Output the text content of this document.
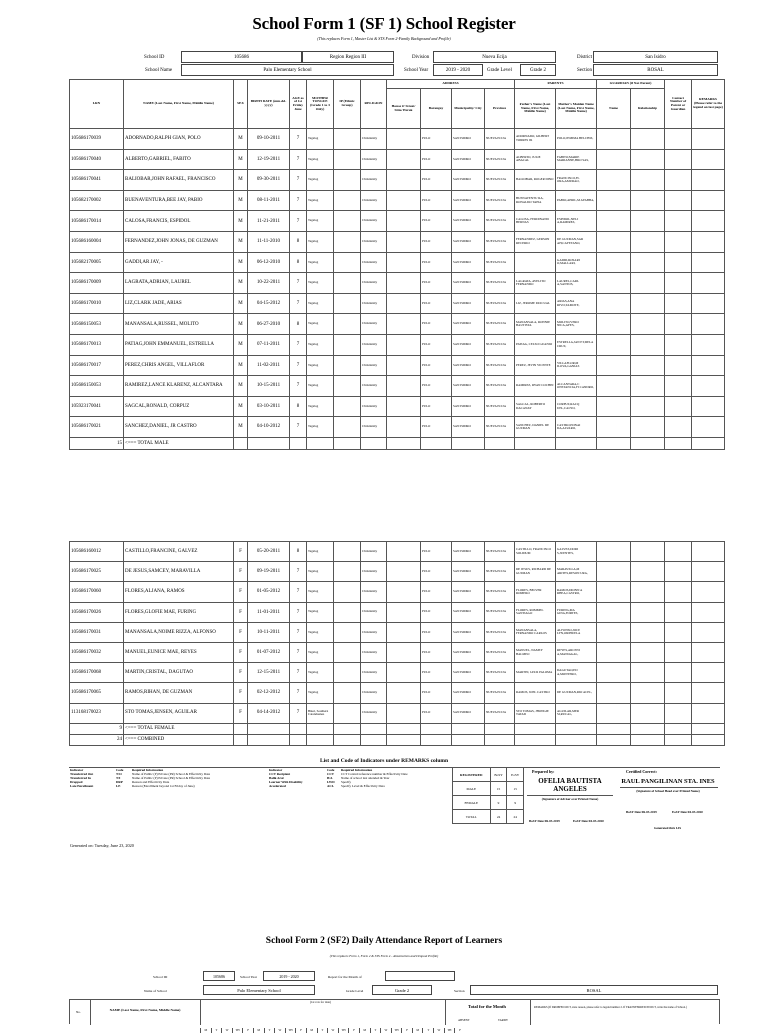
School Form 1 (SF 1) School Register
(This replaces Form 1, Master List & STS Form 2-Family Background and Profile)
School ID	105686	Region
Region III	Division	Nueva Ecija	District	San Isidro
School Name	Palo Elementary School	School Year	2019 - 2020	Grade Level	Grade 2	Section	ROSAL
LRN	NAME (Last Name, First Name, Middle Name)	SEX	BIRTH DATE (mm-dd-yyyy)	AGE as of 1st Friday June	MOTHER TONGUE (Grade 1 to 3 Only)	IP (Ethnic Group)	RELIGION	ADDRESS				PARENTS		GUARDIAN (if Not Parent)		Contact Number of Parent or Guardian	REMARKS
(Please refer to the legend on last page)
								House #/ Street/ Sitio/ Purok	Barangay	Municipality/ City	Province	Father's Name (Last Name, First Name, Middle Name)	Mother's Maiden Name (Last Name, First Name, Middle Name)	Name	Relationship		
105686170039	ADORNADO,RALPH GIAN, POLO	M	09-10-2011	7	Tagalog		Christianity		PULO	SAN ISIDRO	NUEVA ECIJA	ADORNADO, GILBERT TORRES JR	POLO,JEMIMA BELCHIZ,				
105686170040	ALBERTO,GABRIEL, FABITO	M	12-19-2011	7	Tagalog		Christianity		PULO	SAN ISIDRO	NUEVA ECIJA	ALBERTO, JULIE ABACAL	FABITO,MARIE MARIANNE,BRO SAS,				
105686170041	BALIOBAR,JOHN RAFAEL, FRANCISCO	M	09-30-2011	7	Tagalog		Christianity		PULO	SAN ISIDRO	NUEVA ECIJA	BALIOBAR, ROGER DINO	FRANCISCO,FL ORA,AMURAO,				
105682170002	BUENAVENTURA,BEE JAY, PABIO	M	08-11-2011	7	Tagalog		Christianity		PULO	SAN ISIDRO	NUEVA ECIJA	BUENAVENTU RA, RONALDO TAPIA	PABIO,APRIL,M AYABBA,				
105686170014	CALOSA,FRANCIS, ESPIDOL	M	11-21-2011	7	Tagalog		Christianity		PULO	SAN ISIDRO	NUEVA ECIJA	CALOSA, FERDINAND BERNAS	ESPIDOL,NELI A,RAMIREZ,				
105686160004	FERNANDEZ,JOHN JONAS, DE GUZMAN	M	11-11-2010	8	Tagalog		Christianity		PULO	SAN ISIDRO	NUEVA ECIJA	FERNANDEZ, GERSON RECERIO	DE GUZMAN,SAR AH,CAYETANO,				
105682170005	GADDI,AR JAY, -	M	06-12-2010	8	Tagalog		Christianity		PULO	SAN ISIDRO	NUEVA ECIJA		GADDI,ROSARI O,MALLARI,				
105686170009	LAGRATA,ADRIAN, LAUREL	M	10-22-2011	7	Tagalog		Christianity		PULO	SAN ISIDRO	NUEVA ECIJA	LAGRATA, AVELITO FERNANDO	LAUREL,CARL A,SANTOS,				
105686170010	LIZ,CLARK JADE, ARIAS	M	04-15-2012	7	Tagalog		Christianity		PULO	SAN ISIDRO	NUEVA ECIJA	LIZ, JEROME PASCUAL	ARIAS,ANA RIVO,TAMOTE,				
105686150053	MANANSALA,RUSSEL, MOLITO	M	06-27-2010	8	Tagalog		Christianity		PULO	SAN ISIDRO	NUEVA ECIJA	MANANSALA, RONNIE BAUTISTA	MOLITO,VERO NICA,AYES,				
105686170013	PATIAG,JOHN EMMANUEL, ESTRELLA	M	07-11-2011	7	Tagalog		Christianity		PULO	SAN ISIDRO	NUEVA ECIJA	PATIAG, CELSO GUANIO	ESTRELLA,JAN ET,DELA CRUZ,				
105686170017	PEREZ,CHRIS ANGEL, VILLAFLOR	M	11-02-2011	7	Tagalog		Christianity		PULO	SAN ISIDRO	NUEVA ECIJA	PEREZ, JEVIN VICENTE	VILLAFLOR,M ILOVA,GANIAS				
105686150053	RAMIREZ,LANCE KLARENZ, ALCANTARA	M	10-15-2011	7	Tagalog		Christianity		PULO	SAN ISIDRO	NUEVA ECIJA	RAMIREZ, RYAN COCHIN	ALCANTARA,C ONSTANCIA,FI CANDRO,				
105923170041	SAGCAL,RONALD, CORPUZ	M	03-10-2011	8	Tagalog		Christianity		PULO	SAN ISIDRO	NUEVA ECIJA	SAGCAL, ROBERTO DACANAY	CORPUZ,RACQ UEL,CALYO,				
105686170021	SANCHEZ,DANIEL, JR CASTRO	M	04-10-2012	7	Tagalog		Christianity		PULO	SAN ISIDRO	NUEVA ECIJA	SANCHEZ, DANIEL DE GUZMAN	CASTRO,EDNAI DA,ALVARO,				
15	<=== TOTAL MALE																
105686160012	CASTILLO,FRANCINE, GALVEZ	F	05-20-2011	8	Tagalog		Christianity		PULO	SAN ISIDRO	NUEVA ECIJA	CASTILLO, FRANCISCO SOLIDUM	GALVEZ,DORI S,JUENTES,				
105686170025	DE JESUS,SAMCEY, MARAVILLA	F	09-19-2011	7	Tagalog		Christianity		PULO	SAN ISIDRO	NUEVA ECIJA	DE JESUS, RICHARD DE GUZMAN	MARAVILLA,M ARITES,RESON URA,				
105686170060	FLORES,ALJANA, RAMOS	F	01-05-2012	7	Tagalog		Christianity		PULO	SAN ISIDRO	NUEVA ECIJA	FLORES, BELVER ROMERO	RAMOS,DIONN A RHEA,CASTRO,				
105686170026	FLORES,GLOFIE MAE, FURING	F	11-01-2011	7	Tagalog		Christianity		PULO	SAN ISIDRO	NUEVA ECIJA	FLORES, ROMMEL SANTIAGO	FURING,MA GINA,FORTES,				
105686170031	MANANSALA,NOIME RIZZA, ALFONSO	F	10-11-2011	7	Tagalog		Christianity		PULO	SAN ISIDRO	NUEVA ECIJA	MANANSALA, FERNANDO CARLOS	ALFONSO,JOCE LYN,ORIHUELA				
105686170032	MANUEL,EUNICE MAE, REYES	F	01-07-2012	7	Tagalog		Christianity		PULO	SAN ISIDRO	NUEVA ECIJA	MANUEL, NAMSY BALMEO	REYES,ARCENI A,MANIAGAL,				
105686170068	MARTIN,CRISTAL, DAGUTAO	F	12-15-2011	7	Tagalog		Christianity		PULO	SAN ISIDRO	NUEVA ECIJA	MARTIN, JAY-R PALOMA	DAGUTAO,ED A,MONTERO,				
105686170065	RAMOS,RIHAN, DE GUZMAN	F	02-12-2012	7	Tagalog		Christianity		PULO	SAN ISIDRO	NUEVA ECIJA	RAMOS, JOEL CASTRO	DE GUZMAN,RIO ACEL,				
113168170023	STO TOMAS,JENSEN, AGUILAR	F	04-14-2012	7	Bikol, Southern Catanduanes		Christianity		PULO	SAN ISIDRO	NUEVA ECIJA	STO TOMAS, JHONGIE TATAD	AGUILAR,MER SI,RUCAL,				
9	<=== TOTAL FEMALE																
24	<=== COMBINED																
List and Code of Indicators under REMARKS column
Indicator	Code	Required Information
Transferred Out	T/O	Name of Public (P) Private (PR) School & Effectivity Date
Transferred In	T/I	Name of Public (P) Private (PR) School & Effectivity Date
Dropped	DRP	Reason and Effectivity Date
Late Enrollment	LE	Reason (Enrollment beyond 1st Friday of June)
Indicator	Code	Required Information
CCT Recipient	CCT	CCT Control/reference number & Effectivity Date
Balik Aral	B/A	Name of school last attended & Year
Learner With Disability	LWD	Specify
Accelerated	ACL	Specify Level & Effectivity Data
REGISTERED	BoSY	EoSY
MALE	15	15
FEMALE	9	9
TOTAL	24	24
Prepared by:
OFELIA BAUTISTA ANGELES
(Signature of Adviser over Printed Name)
BoSY Date:06-03-2019	EoSY Date:04-03-2020
Certified Correct:
RAUL PANGILINAN STA. INES
(Signature of School Head over Printed Name)
BoSY Date:06-03-2019	EoSY Date:04-03-2020
Generated thru LIS
Generated on: Tuesday, June 23, 2020
School Form 2 (SF2) Daily Attendance Report of Learners
(This replaces Form 1, Form 2 & STS Form 4 - Absenteeism and Dropout Profile)
School ID	105686	School Year	2019 - 2020	Report for the Month of
Name of School	Palo Elementary School	Grade Level	Grade 2	Section	ROSAL
No.	NAME (Last Name, First Name, Middle Name)
(1st row for date)
M	T	W TH	F	M	T	W TH	F	M	T	W TH	F	M	T	W TH	F	M	T	W TH	F
Total for the Month
ABSENT	TARDY
REMARKS (If DROPPED OUT, state reason, please refer to legend number 2. If TRANSFERRED IN/OUT, write the name of School.)
